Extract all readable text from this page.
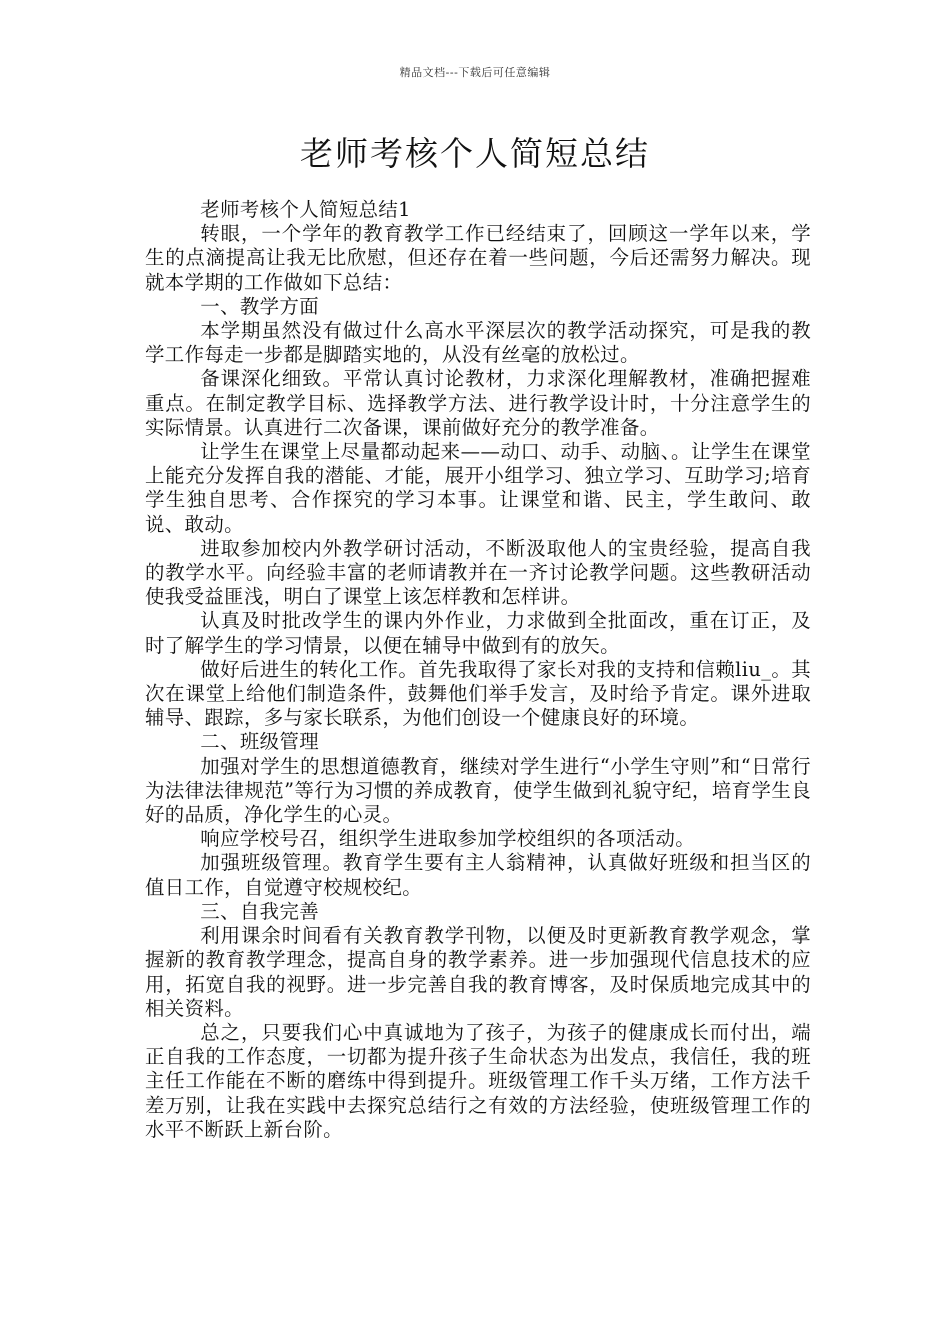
精品文档---下载后可任意编辑
老师考核个人简短总结

老师考核个人简短总结1

转眼，一个学年的教育教学工作已经结束了，回顾这一学年以来，学生的点滴提高让我无比欣慰，但还存在着一些问题，今后还需努力解决。现就本学期的工作做如下总结：

一、教学方面

本学期虽然没有做过什么高水平深层次的教学活动探究，可是我的教学工作每走一步都是脚踏实地的，从没有丝毫的放松过。

备课深化细致。平常认真讨论教材，力求深化理解教材，准确把握难重点。在制定教学目标、选择教学方法、进行教学设计时，十分注意学生的实际情景。认真进行二次备课，课前做好充分的教学准备。

让学生在课堂上尽量都动起来——动口、动手、动脑、。让学生在课堂上能充分发挥自我的潜能、才能，展开小组学习、独立学习、互助学习;培育学生独自思考、合作探究的学习本事。让课堂和谐、民主，学生敢问、敢说、敢动。

进取参加校内外教学研讨活动，不断汲取他人的宝贵经验，提高自我的教学水平。向经验丰富的老师请教并在一齐讨论教学问题。这些教研活动使我受益匪浅，明白了课堂上该怎样教和怎样讲。

认真及时批改学生的课内外作业，力求做到全批面改，重在订正，及时了解学生的学习情景，以便在辅导中做到有的放矢。

做好后进生的转化工作。首先我取得了家长对我的支持和信赖liu_。其次在课堂上给他们制造条件，鼓舞他们举手发言，及时给予肯定。课外进取辅导、跟踪，多与家长联系，为他们创设一个健康良好的环境。

二、班级管理

加强对学生的思想道德教育，继续对学生进行“小学生守则”和“日常行为法律法律规范”等行为习惯的养成教育，使学生做到礼貌守纪，培育学生良好的品质，净化学生的心灵。

响应学校号召，组织学生进取参加学校组织的各项活动。

加强班级管理。教育学生要有主人翁精神，认真做好班级和担当区的值日工作，自觉遵守校规校纪。

三、自我完善

利用课余时间看有关教育教学刊物，以便及时更新教育教学观念，掌握新的教育教学理念，提高自身的教学素养。进一步加强现代信息技术的应用，拓宽自我的视野。进一步完善自我的教育博客，及时保质地完成其中的相关资料。

总之，只要我们心中真诚地为了孩子，为孩子的健康成长而付出，端正自我的工作态度，一切都为提升孩子生命状态为出发点，我信任，我的班主任工作能在不断的磨练中得到提升。班级管理工作千头万绪，工作方法千差万别，让我在实践中去探究总结行之有效的方法经验，使班级管理工作的水平不断跃上新台阶。
